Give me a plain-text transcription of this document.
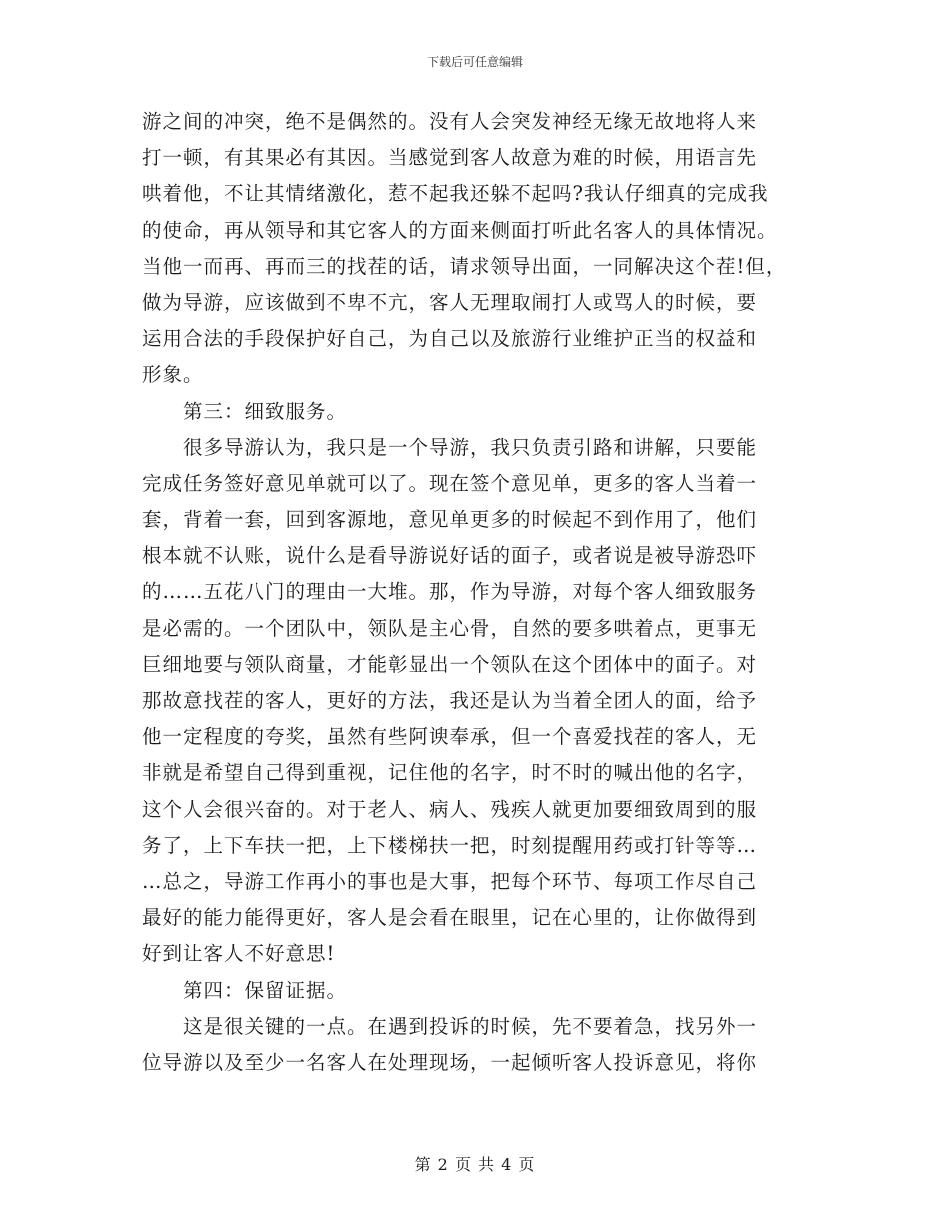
下载后可任意编辑
游之间的冲突，绝不是偶然的。没有人会突发神经无缘无故地将人来
打一顿，有其果必有其因。当感觉到客人故意为难的时候，用语言先
哄着他，不让其情绪激化，惹不起我还躲不起吗?我认仔细真的完成我
的使命，再从领导和其它客人的方面来侧面打听此名客人的具体情况。
当他一而再、再而三的找茬的话，请求领导出面，一同解决这个茬!但，
做为导游，应该做到不卑不亢，客人无理取闹打人或骂人的时候，要
运用合法的手段保护好自己，为自己以及旅游行业维护正当的权益和
形象。
　　第三：细致服务。
　　很多导游认为，我只是一个导游，我只负责引路和讲解，只要能
完成任务签好意见单就可以了。现在签个意见单，更多的客人当着一
套，背着一套，回到客源地，意见单更多的时候起不到作用了，他们
根本就不认账，说什么是看导游说好话的面子，或者说是被导游恐吓
的……五花八门的理由一大堆。那，作为导游，对每个客人细致服务
是必需的。一个团队中，领队是主心骨，自然的要多哄着点，更事无
巨细地要与领队商量，才能彰显出一个领队在这个团体中的面子。对
那故意找茬的客人，更好的方法，我还是认为当着全团人的面，给予
他一定程度的夸奖，虽然有些阿谀奉承，但一个喜爱找茬的客人，无
非就是希望自己得到重视，记住他的名字，时不时的喊出他的名字，
这个人会很兴奋的。对于老人、病人、残疾人就更加要细致周到的服
务了，上下车扶一把，上下楼梯扶一把，时刻提醒用药或打针等等…
…总之，导游工作再小的事也是大事，把每个环节、每项工作尽自己
最好的能力能得更好，客人是会看在眼里，记在心里的，让你做得到
好到让客人不好意思!
　　第四：保留证据。
　　这是很关键的一点。在遇到投诉的时候，先不要着急，找另外一
位导游以及至少一名客人在处理现场，一起倾听客人投诉意见，将你
第 2 页 共 4 页
